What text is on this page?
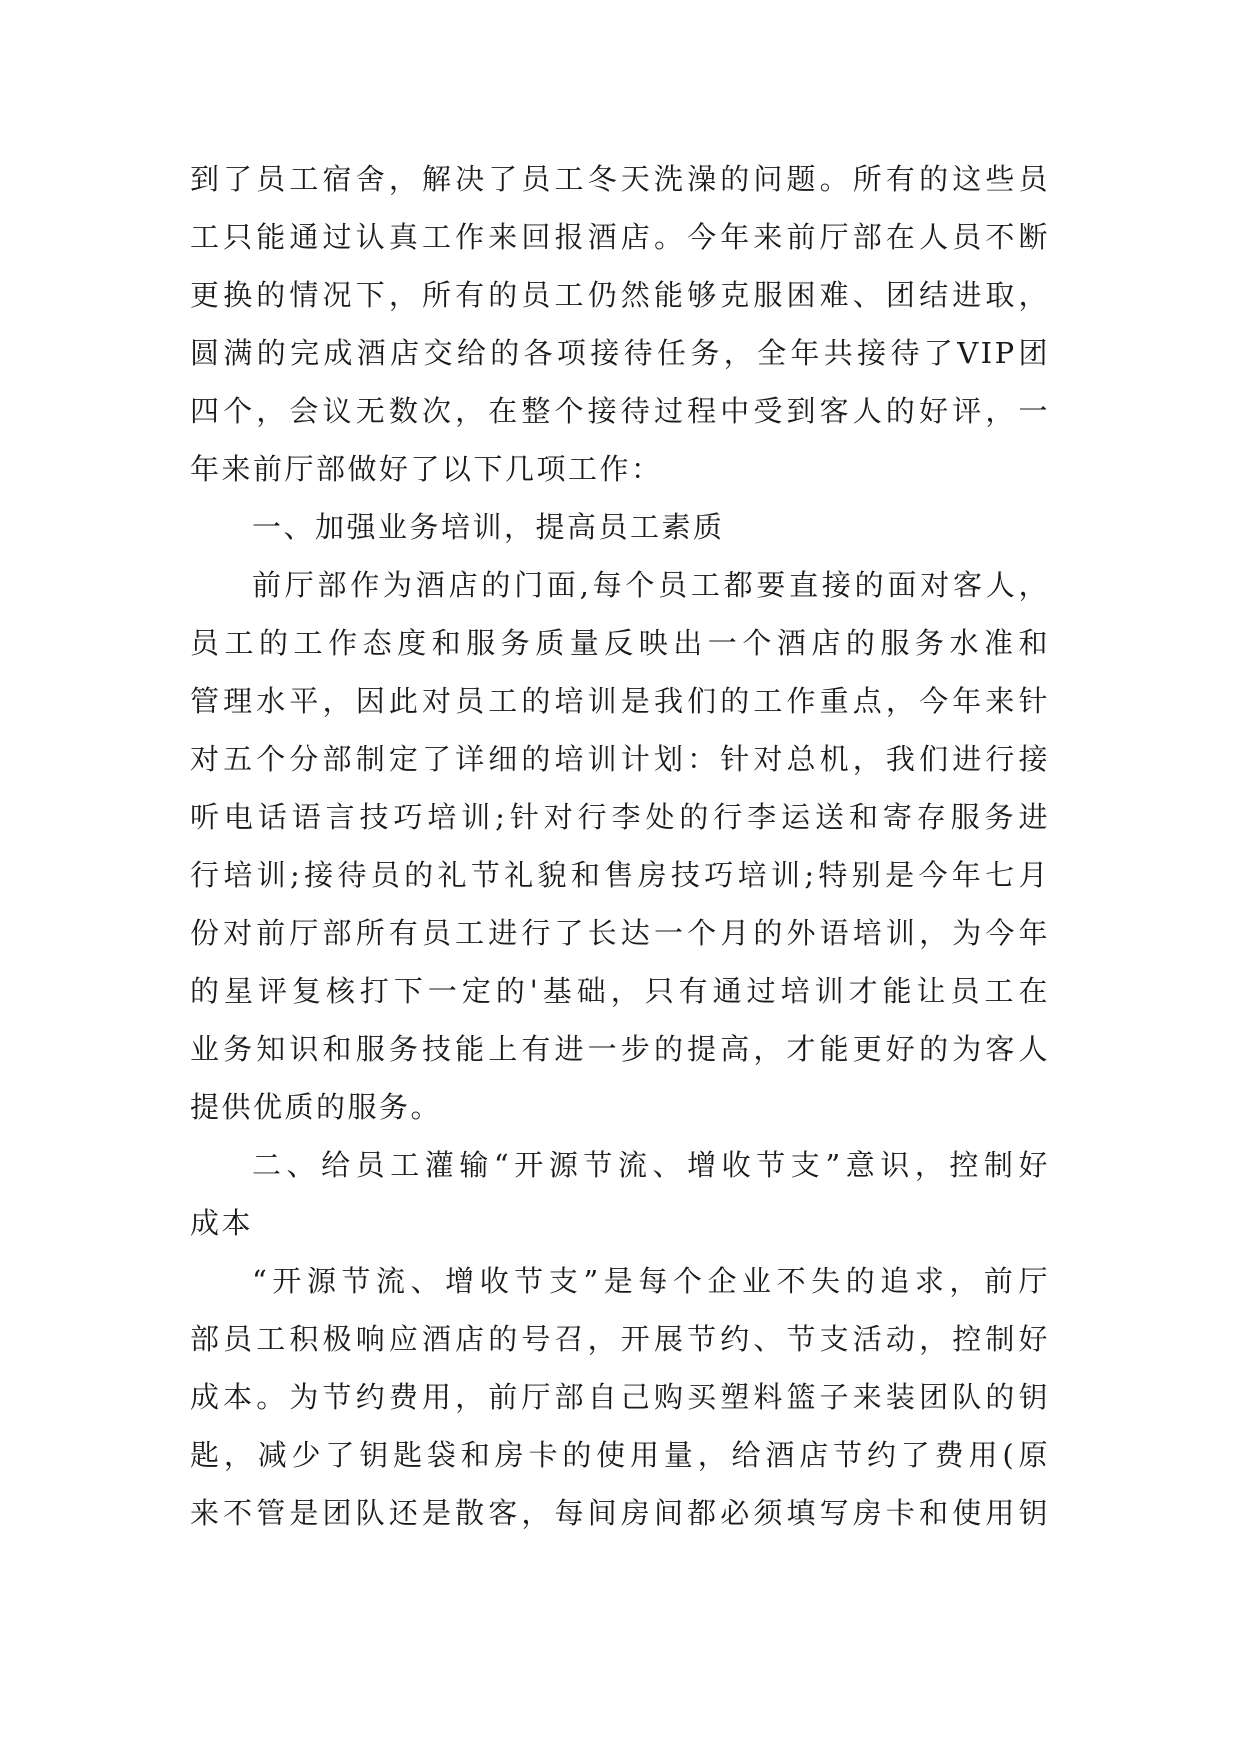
到了员工宿舍，解决了员工冬天洗澡的问题。所有的这些员
工只能通过认真工作来回报酒店。今年来前厅部在人员不断
更换的情况下，所有的员工仍然能够克服困难、团结进取，
圆满的完成酒店交给的各项接待任务，全年共接待了VIP团
四个，会议无数次，在整个接待过程中受到客人的好评，一
年来前厅部做好了以下几项工作：
一、加强业务培训，提高员工素质
前厅部作为酒店的门面,每个员工都要直接的面对客人，
员工的工作态度和服务质量反映出一个酒店的服务水准和
管理水平，因此对员工的培训是我们的工作重点，今年来针
对五个分部制定了详细的培训计划：针对总机，我们进行接
听电话语言技巧培训;针对行李处的行李运送和寄存服务进
行培训;接待员的礼节礼貌和售房技巧培训;特别是今年七月
份对前厅部所有员工进行了长达一个月的外语培训，为今年
的星评复核打下一定的'基础，只有通过培训才能让员工在
业务知识和服务技能上有进一步的提高，才能更好的为客人
提供优质的服务。
二、给员工灌输“开源节流、增收节支”意识，控制好
成本
“开源节流、增收节支”是每个企业不失的追求，前厅
部员工积极响应酒店的号召，开展节约、节支活动，控制好
成本。为节约费用，前厅部自己购买塑料篮子来装团队的钥
匙，减少了钥匙袋和房卡的使用量，给酒店节约了费用(原
来不管是团队还是散客，每间房间都必须填写房卡和使用钥
